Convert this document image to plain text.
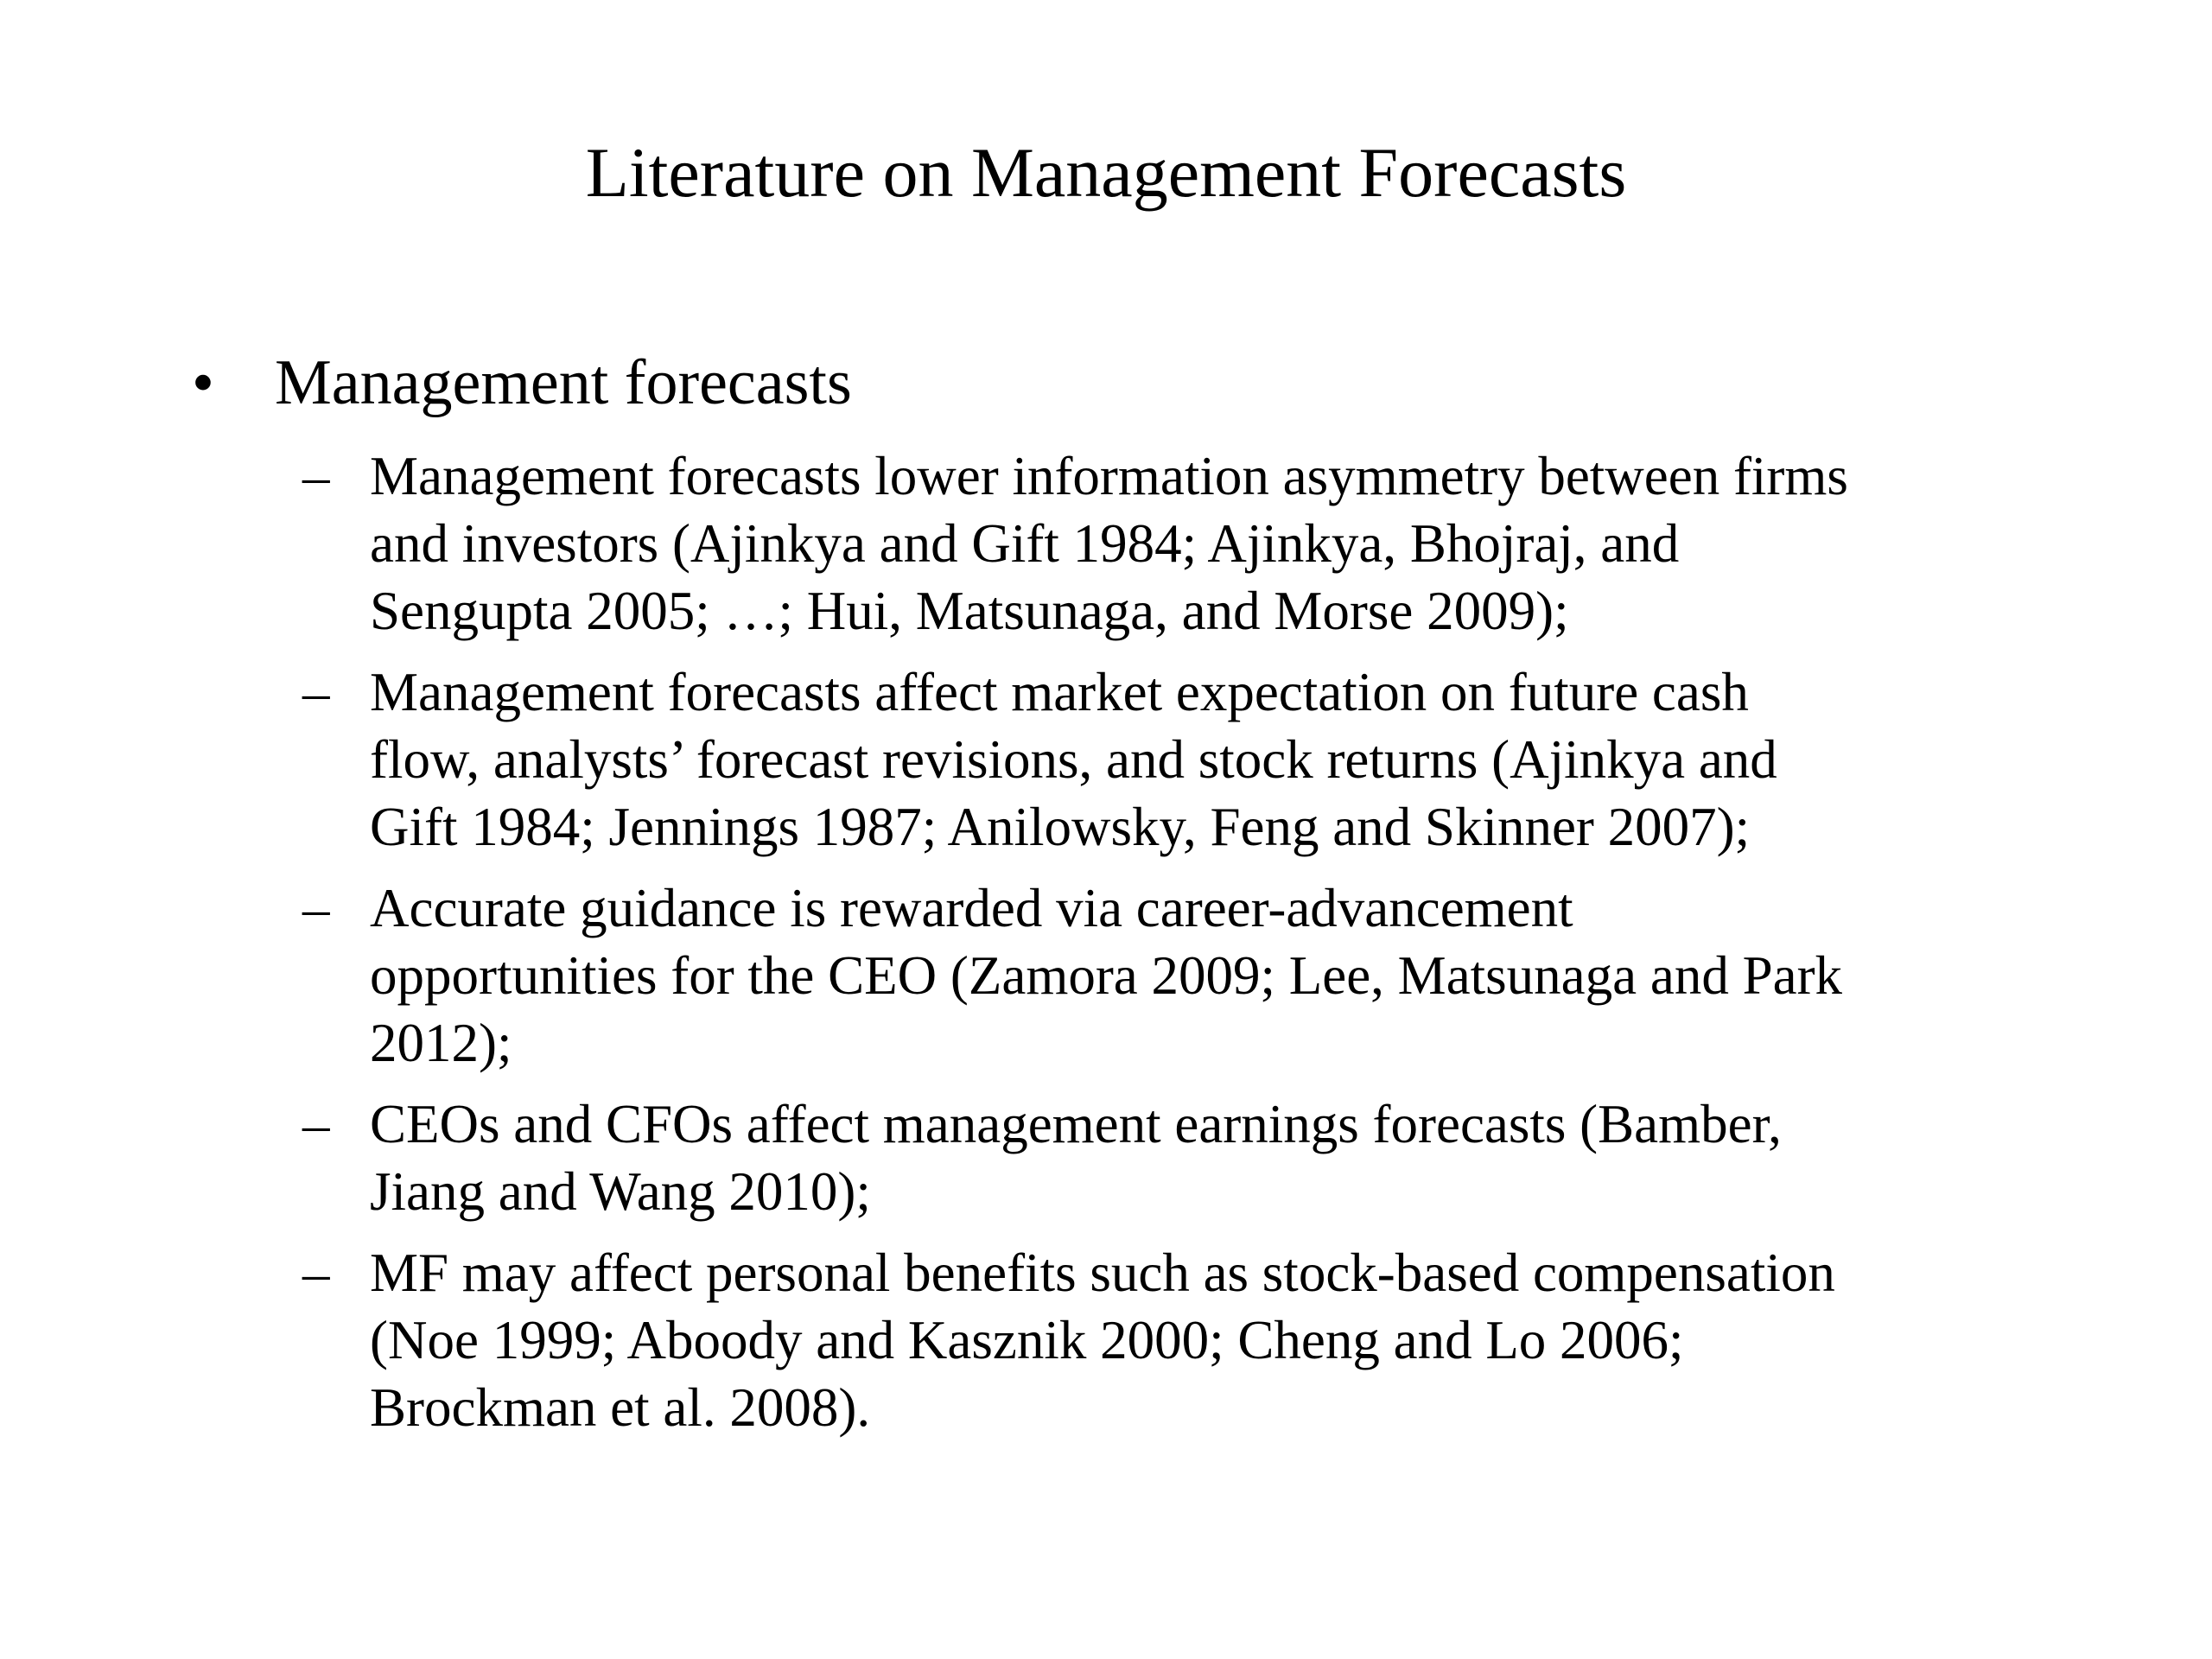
Literature on Management Forecasts
• Management forecasts
– Management forecasts lower information asymmetry between firms
and investors (Ajinkya and Gift 1984; Ajinkya, Bhojraj, and
Sengupta 2005; …; Hui, Matsunaga, and Morse 2009);
– Management forecasts affect market expectation on future cash
flow, analysts’ forecast revisions, and stock returns (Ajinkya and
Gift 1984; Jennings 1987; Anilowsky, Feng and Skinner 2007);
– Accurate guidance is rewarded via career-advancement
opportunities for the CEO (Zamora 2009; Lee, Matsunaga and Park
2012);
– CEOs and CFOs affect management earnings forecasts (Bamber,
Jiang and Wang 2010);
– MF may affect personal benefits such as stock-based compensation
(Noe 1999; Aboody and Kasznik 2000; Cheng and Lo 2006;
Brockman et al. 2008).
